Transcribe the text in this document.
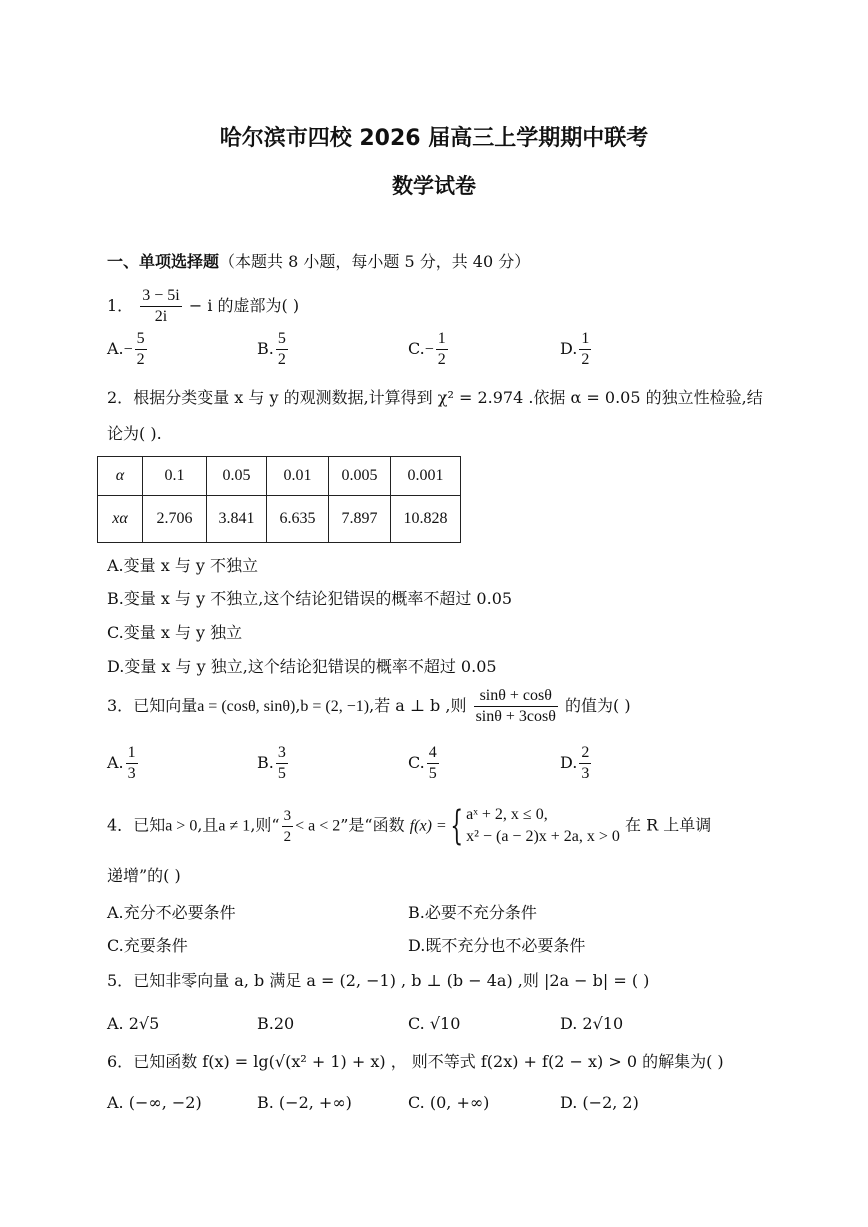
哈尔滨市四校 2026 届高三上学期期中联考
数学试卷
一、单项选择题（本题共 8 小题，每小题 5 分，共 40 分）
1． $\frac{3 - 5i}{2i} - i$ 的虚部为( )
$A.- \frac{5}{2}$	B. $\frac{5}{2}$	$C.- \frac{1}{2}$	D. $\frac{1}{2}$
2．根据分类变量 x 与 y 的观测数据,计算得到 χ² = 2.974 .依据 α = 0.05 的独立性检验,结
论为( ).
α	0.1	0.05	0.01	0.005	0.001
xα	2.706	3.841	6.635	7.897	10.828
A.变量 x 与 y 不独立
B.变量 x 与 y 不独立,这个结论犯错误的概率不超过 0.05
C.变量 x 与 y 独立
D.变量 x 与 y 独立,这个结论犯错误的概率不超过 0.05
3．已知向量a = (cosθ, sinθ),b = (2, −1),若 a ⊥ b ,则 $\frac{\sin\theta + \cos\theta}{\sin\theta + 3\cos\theta}$ 的值为( )
A. $\frac{1}{3}$	B. $\frac{3}{5}$	C. $\frac{4}{5}$	D. $\frac{2}{3}$
4．已知a > 0,且a ≠ 1,则“ $\frac{3}{2} < a < 2$”是“函数 f(x) ={ aˣ + 2, x ≤ 0,
x² − (a − 2)x + 2a, x > 0
在 R 上单调
递增”的( )
A.充分不必要条件	B.必要不充分条件
C.充要条件	D.既不充分也不必要条件
5．已知非零向量 a, b 满足 a = (2, −1) , b ⊥ (b − 4a) ,则 |2a − b| = ( )
A. 2√5	B.20	C. √10	D. 2√10
6．已知函数 f(x) = lg(√(x² + 1) + x) ， 则不等式 f(2x) + f(2 − x) > 0 的解集为( )
A. (−∞, −2)	B. (−2, +∞)	C. (0, +∞)	D. (−2, 2)
